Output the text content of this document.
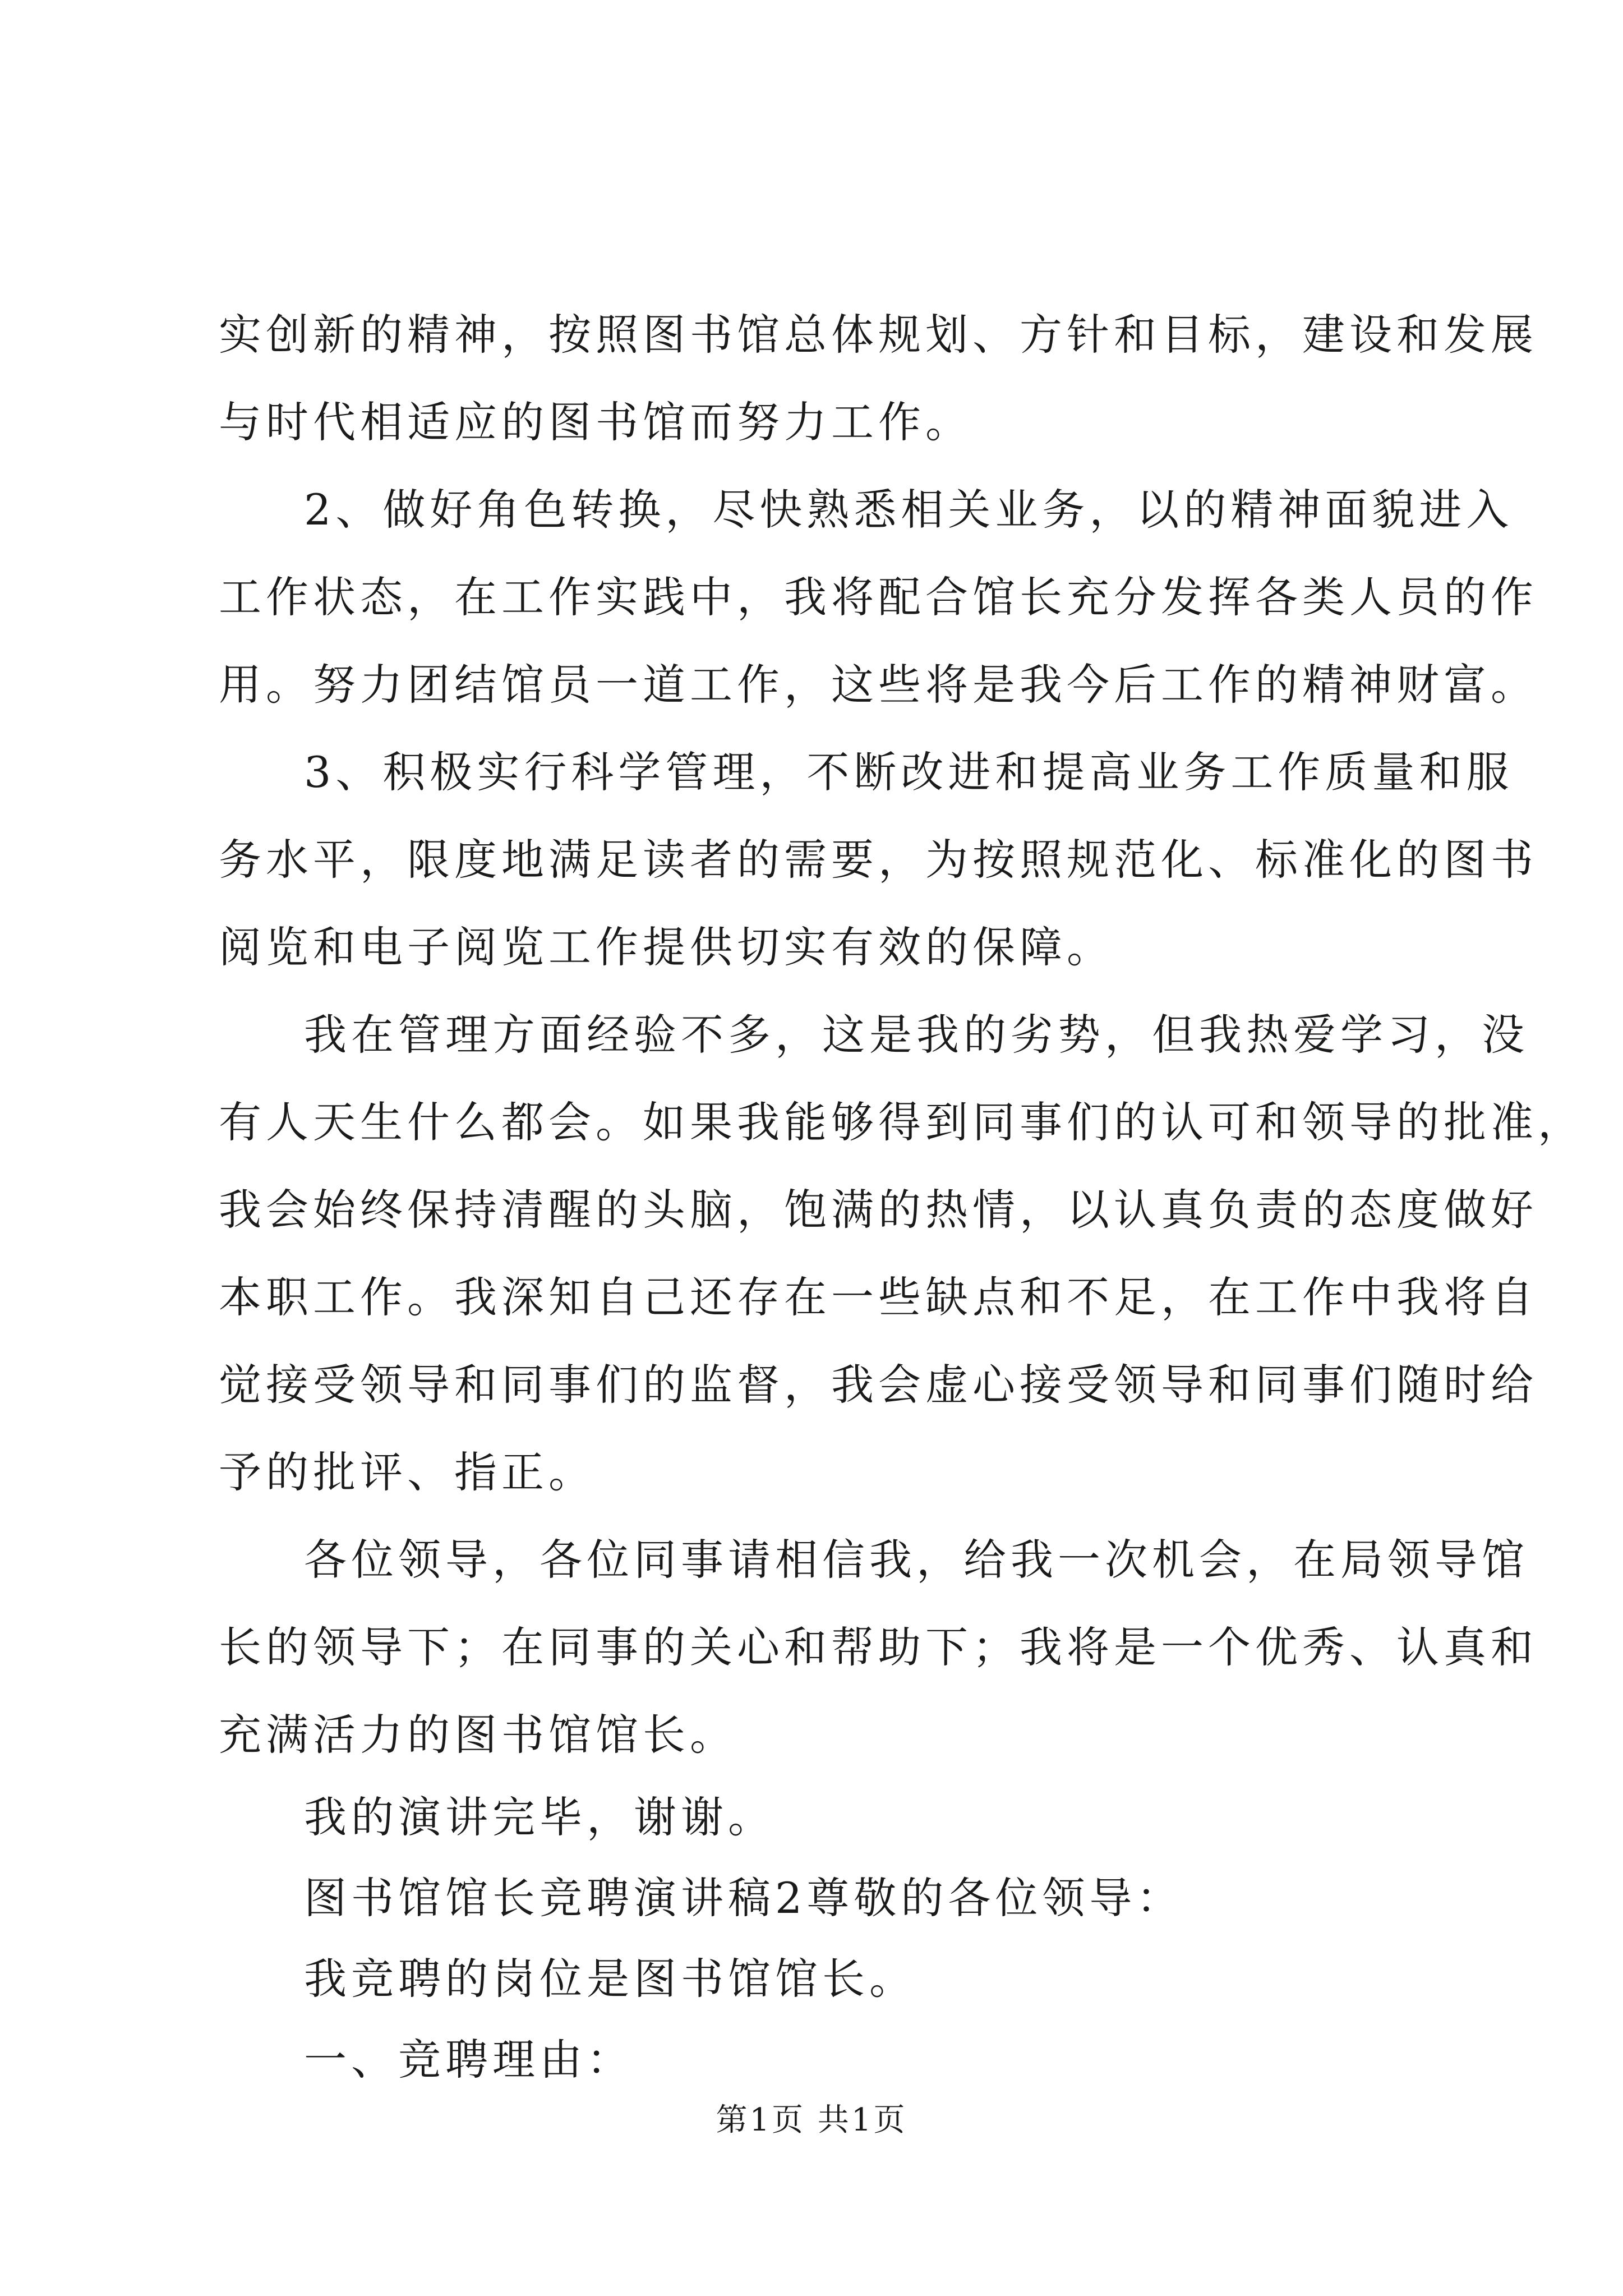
实创新的精神，按照图书馆总体规划、方针和目标，建设和发展
与时代相适应的图书馆而努力工作。
2、做好角色转换，尽快熟悉相关业务，以的精神面貌进入
工作状态，在工作实践中，我将配合馆长充分发挥各类人员的作
用。努力团结馆员一道工作，这些将是我今后工作的精神财富。
3、积极实行科学管理，不断改进和提高业务工作质量和服
务水平，限度地满足读者的需要，为按照规范化、标准化的图书
阅览和电子阅览工作提供切实有效的保障。
我在管理方面经验不多，这是我的劣势，但我热爱学习，没
有人天生什么都会。如果我能够得到同事们的认可和领导的批准，
我会始终保持清醒的头脑，饱满的热情，以认真负责的态度做好
本职工作。我深知自己还存在一些缺点和不足，在工作中我将自
觉接受领导和同事们的监督，我会虚心接受领导和同事们随时给
予的批评、指正。
各位领导，各位同事请相信我，给我一次机会，在局领导馆
长的领导下；在同事的关心和帮助下；我将是一个优秀、认真和
充满活力的图书馆馆长。
我的演讲完毕，谢谢。
图书馆馆长竞聘演讲稿2尊敬的各位领导：
我竞聘的岗位是图书馆馆长。
一、竞聘理由：
第1页 共1页
